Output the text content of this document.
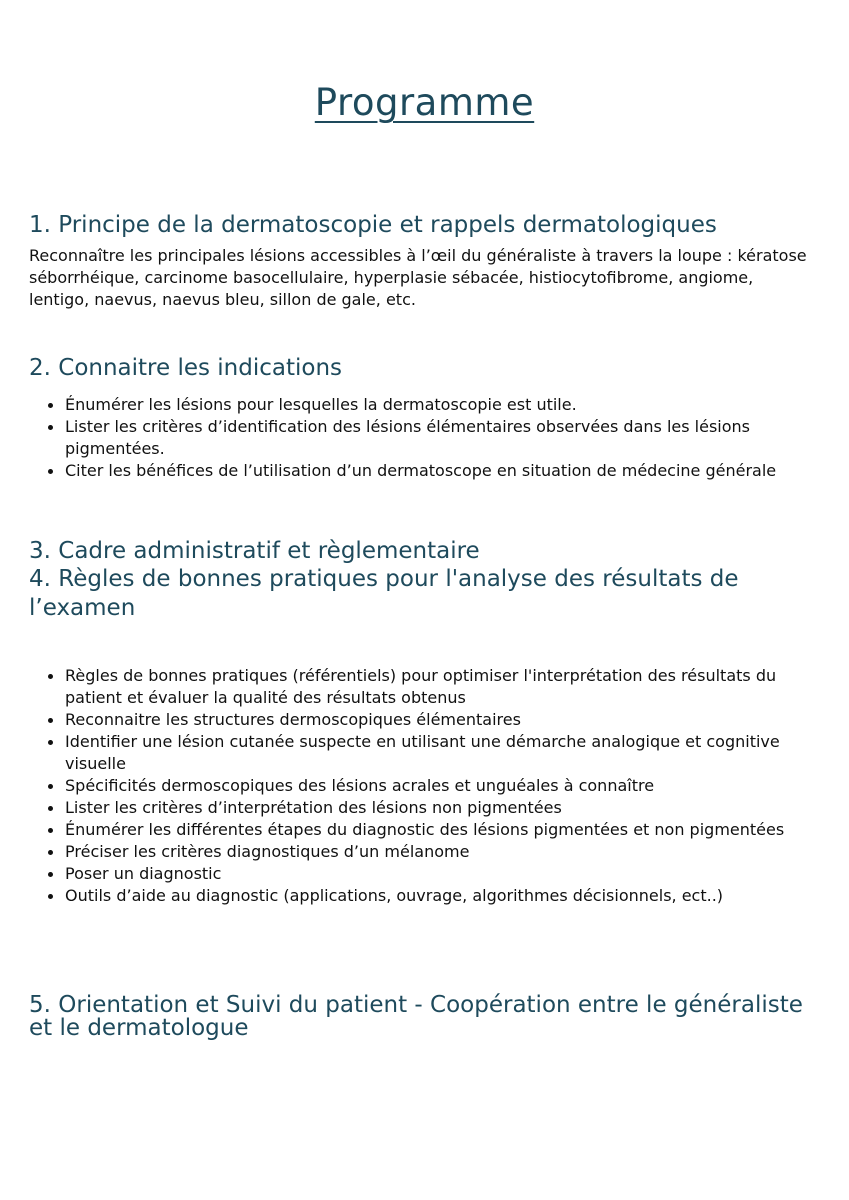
Programme
1. Principe de la dermatoscopie et rappels dermatologiques

Reconnaître les principales lésions accessibles à l’œil du généraliste à travers la loupe : kératose séborrhéique, carcinome basocellulaire, hyperplasie sébacée, histiocytofibrome, angiome, lentigo, naevus, naevus bleu, sillon de gale, etc.

2. Connaitre les indications
Énumérer les lésions pour lesquelles la dermatoscopie est utile.
Lister les critères d’identification des lésions élémentaires observées dans les lésions pigmentées.
Citer les bénéfices de l’utilisation d’un dermatoscope en situation de médecine générale
3. Cadre administratif et règlementaire
4. Règles de bonnes pratiques pour l'analyse des résultats de l’examen
Règles de bonnes pratiques (référentiels) pour optimiser l'interprétation des résultats du patient et évaluer la qualité des résultats obtenus
Reconnaitre les structures dermoscopiques élémentaires
Identifier une lésion cutanée suspecte en utilisant une démarche analogique et cognitive visuelle
Spécificités dermoscopiques des lésions acrales et unguéales à connaître
Lister les critères d’interprétation des lésions non pigmentées
Énumérer les différentes étapes du diagnostic des lésions pigmentées et non pigmentées
Préciser les critères diagnostiques d’un mélanome
Poser un diagnostic
Outils d’aide au diagnostic (applications, ouvrage, algorithmes décisionnels, ect..)
5. Orientation et Suivi du patient - Coopération entre le généraliste et le dermatologue
